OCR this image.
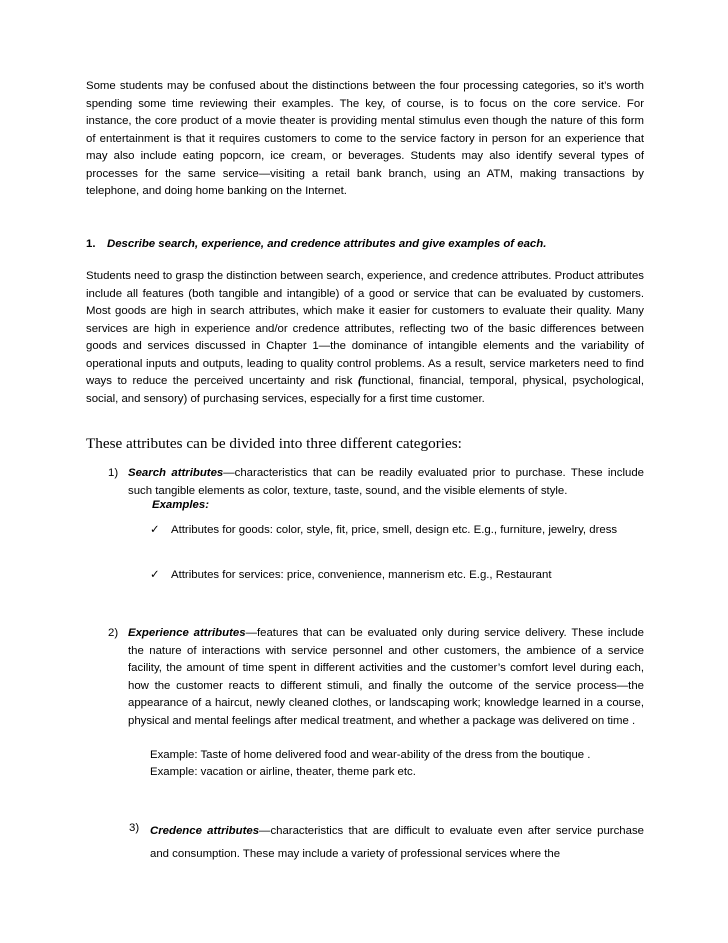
Some students may be confused about the distinctions between the four processing categories, so it’s worth spending some time reviewing their examples. The key, of course, is to focus on the core service. For instance, the core product of a movie theater is providing mental stimulus even though the nature of this form of entertainment is that it requires customers to come to the service factory in person for an experience that may also include eating popcorn, ice cream, or beverages. Students may also identify several types of processes for the same service—visiting a retail bank branch, using an ATM, making transactions by telephone, and doing home banking on the Internet.

1. Describe search, experience, and credence attributes and give examples of each.

Students need to grasp the distinction between search, experience, and credence attributes. Product attributes include all features (both tangible and intangible) of a good or service that can be evaluated by customers. Most goods are high in search attributes, which make it easier for customers to evaluate their quality. Many services are high in experience and/or credence attributes, reflecting two of the basic differences between goods and services discussed in Chapter 1—the dominance of intangible elements and the variability of operational inputs and outputs, leading to quality control problems. As a result, service marketers need to find ways to reduce the perceived uncertainty and risk (functional, financial, temporal, physical, psychological, social, and sensory) of purchasing services, especially for a first time customer.

These attributes can be divided into three different categories:

1) Search attributes—characteristics that can be readily evaluated prior to purchase. These include such tangible elements as color, texture, taste, sound, and the visible elements of style.

Examples:

✓ Attributes for goods: color, style, fit, price, smell, design etc. E.g., furniture, jewelry, dress
✓ Attributes for services: price, convenience, mannerism etc. E.g., Restaurant
2) Experience attributes—features that can be evaluated only during service delivery. These include the nature of interactions with service personnel and other customers, the ambience of a service facility, the amount of time spent in different activities and the customer’s comfort level during each, how the customer reacts to different stimuli, and finally the outcome of the service process—the appearance of a haircut, newly cleaned clothes, or landscaping work; knowledge learned in a course, physical and mental feelings after medical treatment, and whether a package was delivered on time .

Example: Taste of home delivered food and wear-ability of the dress from the boutique .

Example: vacation or airline, theater, theme park etc.

3) Credence attributes—characteristics that are difficult to evaluate even after service purchase and consumption. These may include a variety of professional services where the
